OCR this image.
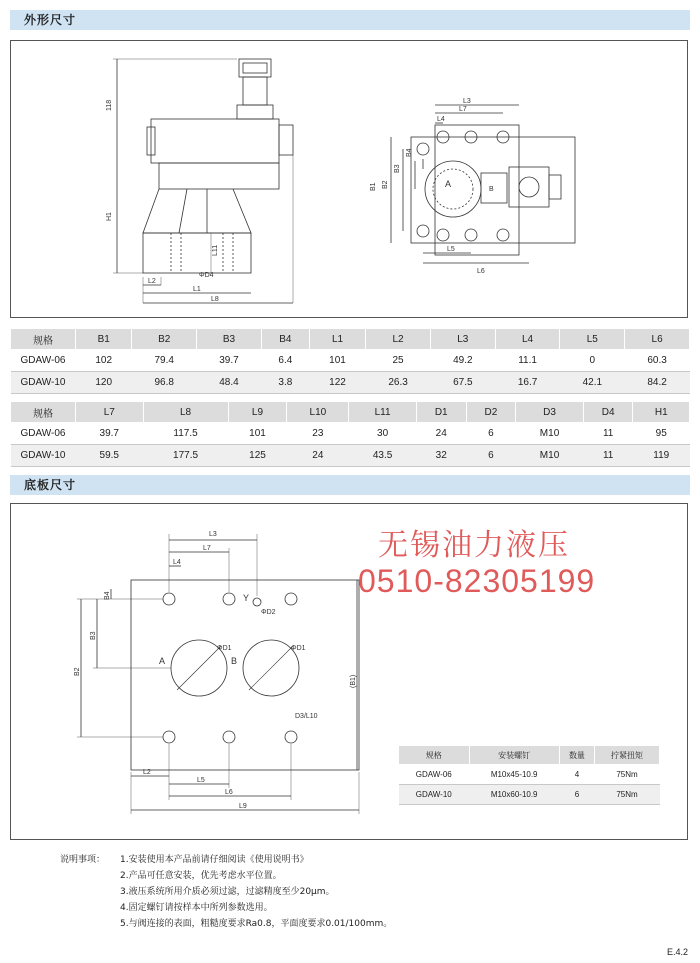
外形尺寸
118
H1
L11
ΦD4
L2
L1
L8
L3
L7
L4
B4
B3
B2
B1	A
B
L5
L6
规格	B1	B2	B3	B4	L1	L2	L3	L4	L5	L6
GDAW-06	102	79.4	39.7	6.4	101	25	49.2	11.1	0	60.3
GDAW-10	120	96.8	48.4	3.8	122	26.3	67.5	16.7	42.1	84.2
规格	L7	L8	L9	L10	L11	D1	D2	D3	D4	H1
GDAW-06	39.7	117.5	101	23	30	24	6	M10	11	95
GDAW-10	59.5	177.5	125	24	43.5	32	6	M10	11	119
底板尺寸
L3
L7
L4
B4
B3
B2
(B1)
Y
ΦD2
ΦD1	ΦD1
A	B
D3/L10
L2
L5
L6
L9
无锡油力液压
0510-82305199
规格	安装螺钉	数量	拧紧扭矩
GDAW-06	M10x45-10.9	4	75Nm
GDAW-10	M10x60-10.9	6	75Nm
说明事项： 1.安装使用本产品前请仔细阅读《使用说明书》
2.产品可任意安装，优先考虑水平位置。
3.液压系统所用介质必须过滤，过滤精度至少20μm。
4.固定螺钉请按样本中所列参数选用。
5.与阀连接的表面，粗糙度要求Ra0.8，平面度要求0.01/100mm。
E.4.2
